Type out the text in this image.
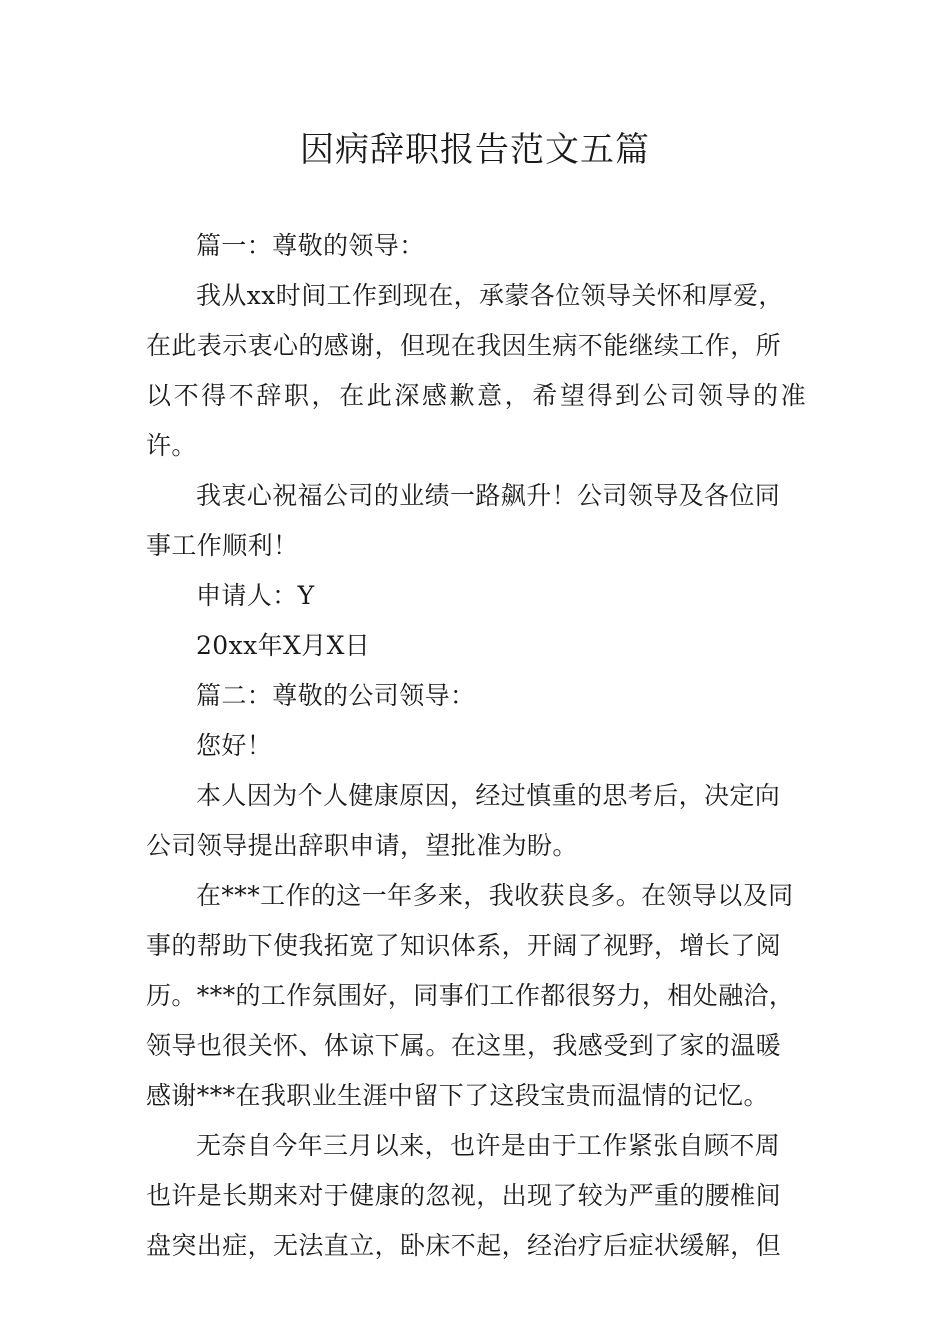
因病辞职报告范文五篇

篇一：尊敬的领导：

我从xx时间工作到现在，承蒙各位领导关怀和厚爱，
在此表示衷心的感谢，但现在我因生病不能继续工作，所
以不得不辞职，在此深感歉意，希望得到公司领导的准许。

我衷心祝福公司的业绩一路飙升！公司领导及各位同
事工作顺利！

申请人：Y

20xx年X月X日

篇二：尊敬的公司领导：

您好！

本人因为个人健康原因，经过慎重的思考后，决定向
公司领导提出辞职申请，望批准为盼。

在***工作的这一年多来，我收获良多。在领导以及同
事的帮助下使我拓宽了知识体系，开阔了视野，增长了阅
历。***的工作氛围好，同事们工作都很努力，相处融洽，
领导也很关怀、体谅下属。在这里，我感受到了家的温暖
感谢***在我职业生涯中留下了这段宝贵而温情的记忆。

无奈自今年三月以来，也许是由于工作紧张自顾不周
也许是长期来对于健康的忽视，出现了较为严重的腰椎间
盘突出症，无法直立，卧床不起，经治疗后症状缓解，但
